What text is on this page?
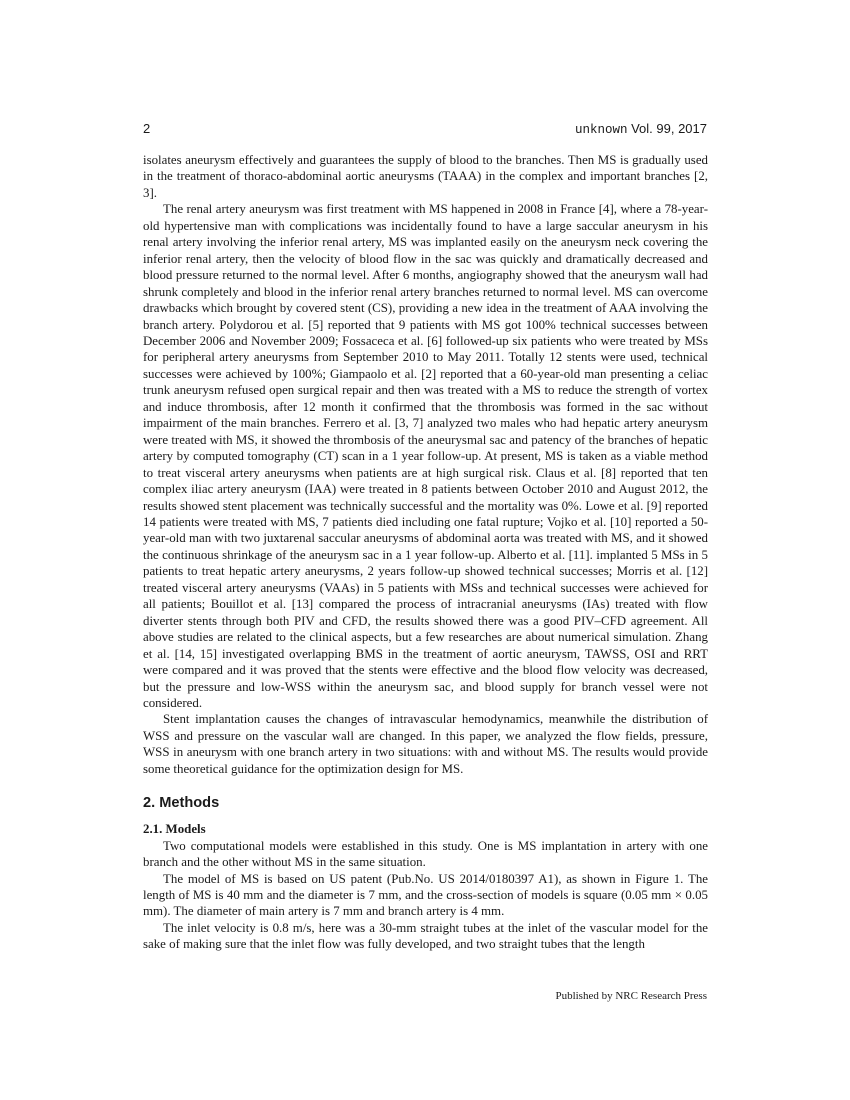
2	unknown Vol. 99, 2017

isolates aneurysm effectively and guarantees the supply of blood to the branches. Then MS is gradually used in the treatment of thoraco-abdominal aortic aneurysms (TAAA) in the complex and important branches [2, 3].

The renal artery aneurysm was first treatment with MS happened in 2008 in France [4], where a 78-year-old hypertensive man with complications was incidentally found to have a large saccular aneurysm in his renal artery involving the inferior renal artery, MS was implanted easily on the aneurysm neck covering the inferior renal artery, then the velocity of blood flow in the sac was quickly and dramatically decreased and blood pressure returned to the normal level. After 6 months, angiography showed that the aneurysm wall had shrunk completely and blood in the inferior renal artery branches returned to normal level. MS can overcome drawbacks which brought by covered stent (CS), providing a new idea in the treatment of AAA involving the branch artery. Polydorou et al. [5] reported that 9 patients with MS got 100% technical successes between December 2006 and November 2009; Fossaceca et al. [6] followed-up six patients who were treated by MSs for peripheral artery aneurysms from September 2010 to May 2011. Totally 12 stents were used, technical successes were achieved by 100%; Giampaolo et al. [2] reported that a 60-year-old man presenting a celiac trunk aneurysm refused open surgical repair and then was treated with a MS to reduce the strength of vortex and induce thrombosis, after 12 month it confirmed that the thrombosis was formed in the sac without impairment of the main branches. Ferrero et al. [3, 7] analyzed two males who had hepatic artery aneurysm were treated with MS, it showed the thrombosis of the aneurysmal sac and patency of the branches of hepatic artery by computed tomography (CT) scan in a 1 year follow-up. At present, MS is taken as a viable method to treat visceral artery aneurysms when patients are at high surgical risk. Claus et al. [8] reported that ten complex iliac artery aneurysm (IAA) were treated in 8 patients between October 2010 and August 2012, the results showed stent placement was technically successful and the mortality was 0%. Lowe et al. [9] reported 14 patients were treated with MS, 7 patients died including one fatal rupture; Vojko et al. [10] reported a 50-year-old man with two juxtarenal saccular aneurysms of abdominal aorta was treated with MS, and it showed the continuous shrinkage of the aneurysm sac in a 1 year follow-up. Alberto et al. [11]. implanted 5 MSs in 5 patients to treat hepatic artery aneurysms, 2 years follow-up showed technical successes; Morris et al. [12] treated visceral artery aneurysms (VAAs) in 5 patients with MSs and technical successes were achieved for all patients; Bouillot et al. [13] compared the process of intracranial aneurysms (IAs) treated with flow diverter stents through both PIV and CFD, the results showed there was a good PIV–CFD agreement. All above studies are related to the clinical aspects, but a few researches are about numerical simulation. Zhang et al. [14, 15] investigated overlapping BMS in the treatment of aortic aneurysm, TAWSS, OSI and RRT were compared and it was proved that the stents were effective and the blood flow velocity was decreased, but the pressure and low-WSS within the aneurysm sac, and blood supply for branch vessel were not considered.

Stent implantation causes the changes of intravascular hemodynamics, meanwhile the distribution of WSS and pressure on the vascular wall are changed. In this paper, we analyzed the flow fields, pressure, WSS in aneurysm with one branch artery in two situations: with and without MS. The results would provide some theoretical guidance for the optimization design for MS.

2. Methods
2.1. Models

Two computational models were established in this study. One is MS implantation in artery with one branch and the other without MS in the same situation.

The model of MS is based on US patent (Pub.No. US 2014/0180397 A1), as shown in Figure 1. The length of MS is 40 mm and the diameter is 7 mm, and the cross-section of models is square (0.05 mm × 0.05 mm). The diameter of main artery is 7 mm and branch artery is 4 mm.

The inlet velocity is 0.8 m/s, here was a 30-mm straight tubes at the inlet of the vascular model for the sake of making sure that the inlet flow was fully developed, and two straight tubes that the length

Published by NRC Research Press
